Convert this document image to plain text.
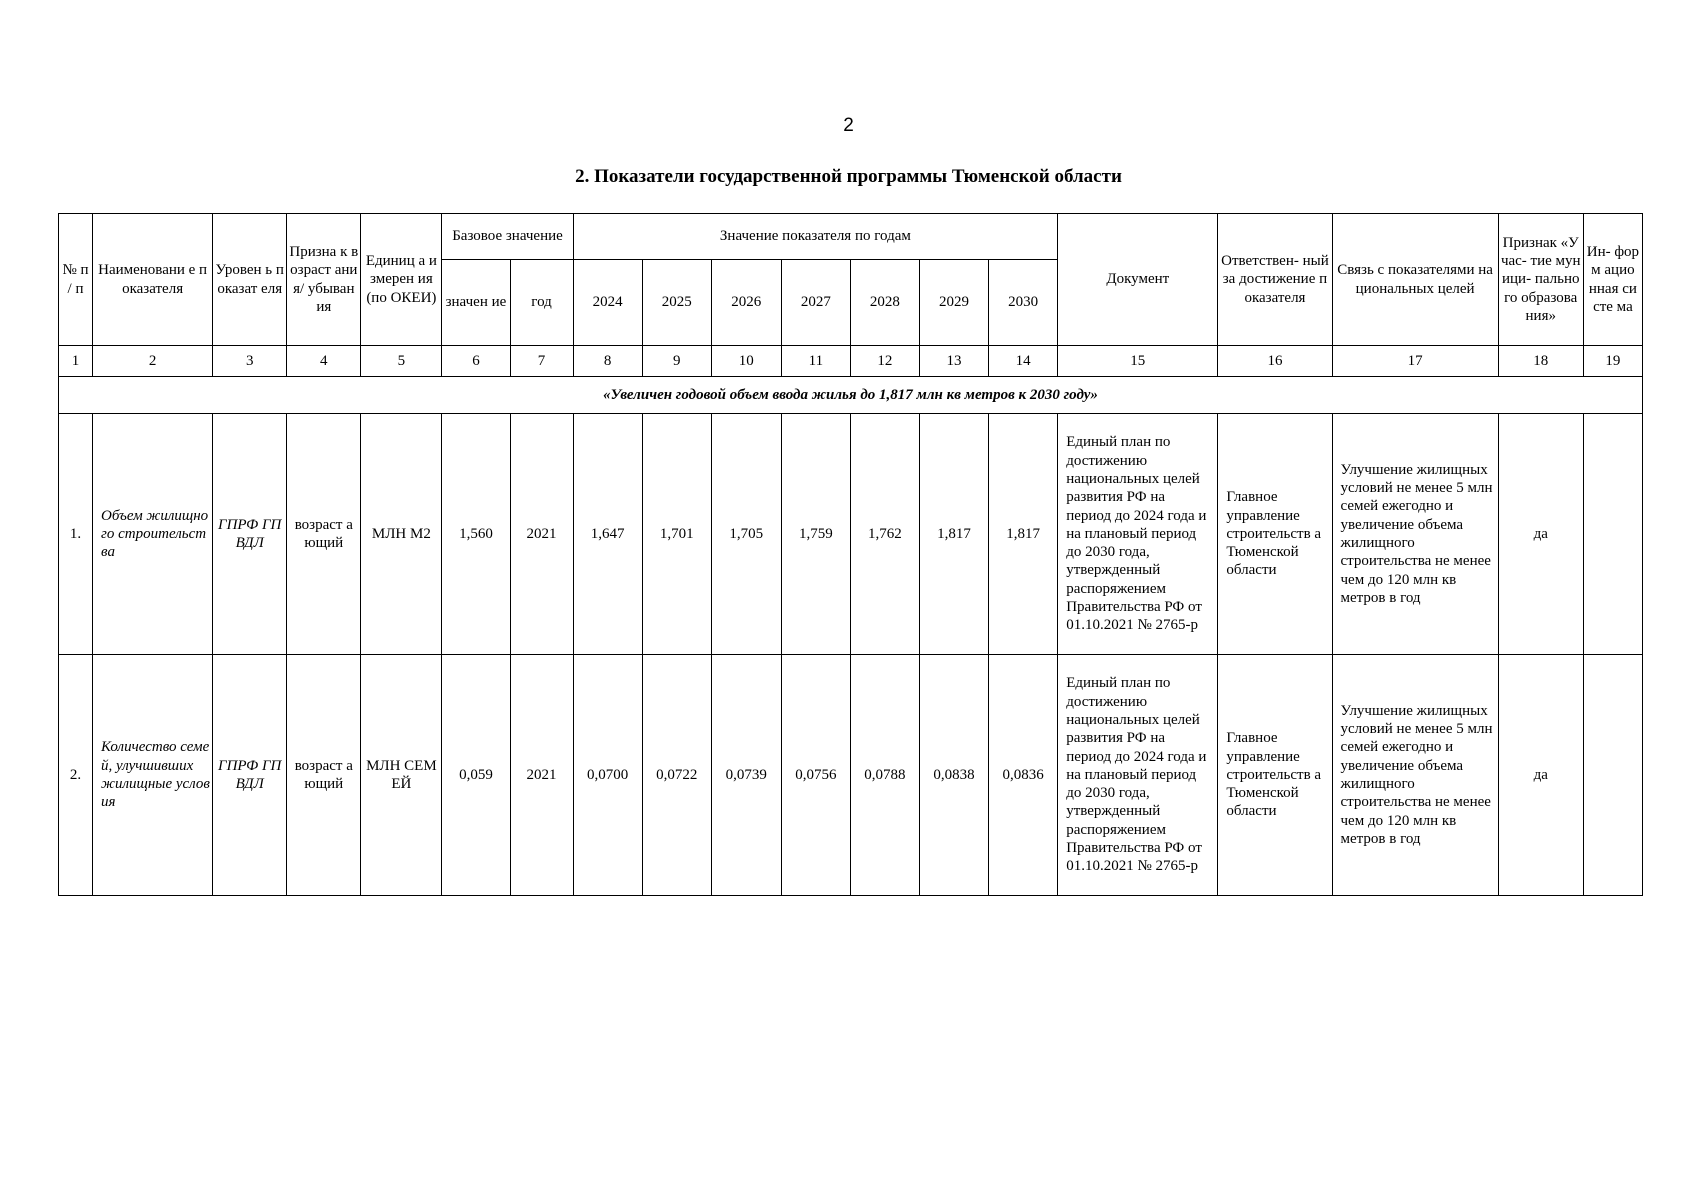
2
2. Показатели государственной программы Тюменской области
№ п / п	Наименовани е показателя	Уровен ь показат еля	Призна к возраст ания/ убыван ия	Единиц а измерен ия (по ОКЕИ)	Базовое значение		Значение показателя по годам							Документ	Ответствен- ный за достижение показателя	Связь с показателями национальных целей	Признак «Учас- тие муници- пального образова ния»	Ин- форм ацио нная систе ма
					значен ие	год	2024	2025	2026	2027	2028	2029	2030					
1	2	3	4	5	6	7	8	9	10	11	12	13	14	15	16	17	18	19
«Увеличен годовой объем ввода жилья до 1,817 млн кв метров к 2030 году»																		
1.	Объем жилищного строительст ва	ГПРФ ГП ВДЛ	возраст ающий	МЛН М2	1,560	2021	1,647	1,701	1,705	1,759	1,762	1,817	1,817	Единый план по достижению национальных целей развития РФ на период до 2024 года и на плановый период до 2030 года, утвержденный распоряжением Правительства РФ от 01.10.2021 № 2765-р	Главное управление строительств а Тюменской области	Улучшение жилищных условий не менее 5 млн семей ежегодно и увеличение объема жилищного строительства не менее чем до 120 млн кв метров в год	да	
2.	Количество семей, улучшивших жилищные условия	ГПРФ ГП ВДЛ	возраст ающий	МЛН СЕМЕЙ	0,059	2021	0,0700	0,0722	0,0739	0,0756	0,0788	0,0838	0,0836	Единый план по достижению национальных целей развития РФ на период до 2024 года и на плановый период до 2030 года, утвержденный распоряжением Правительства РФ от 01.10.2021 № 2765-р	Главное управление строительств а Тюменской области	Улучшение жилищных условий не менее 5 млн семей ежегодно и увеличение объема жилищного строительства не менее чем до 120 млн кв метров в год	да	
